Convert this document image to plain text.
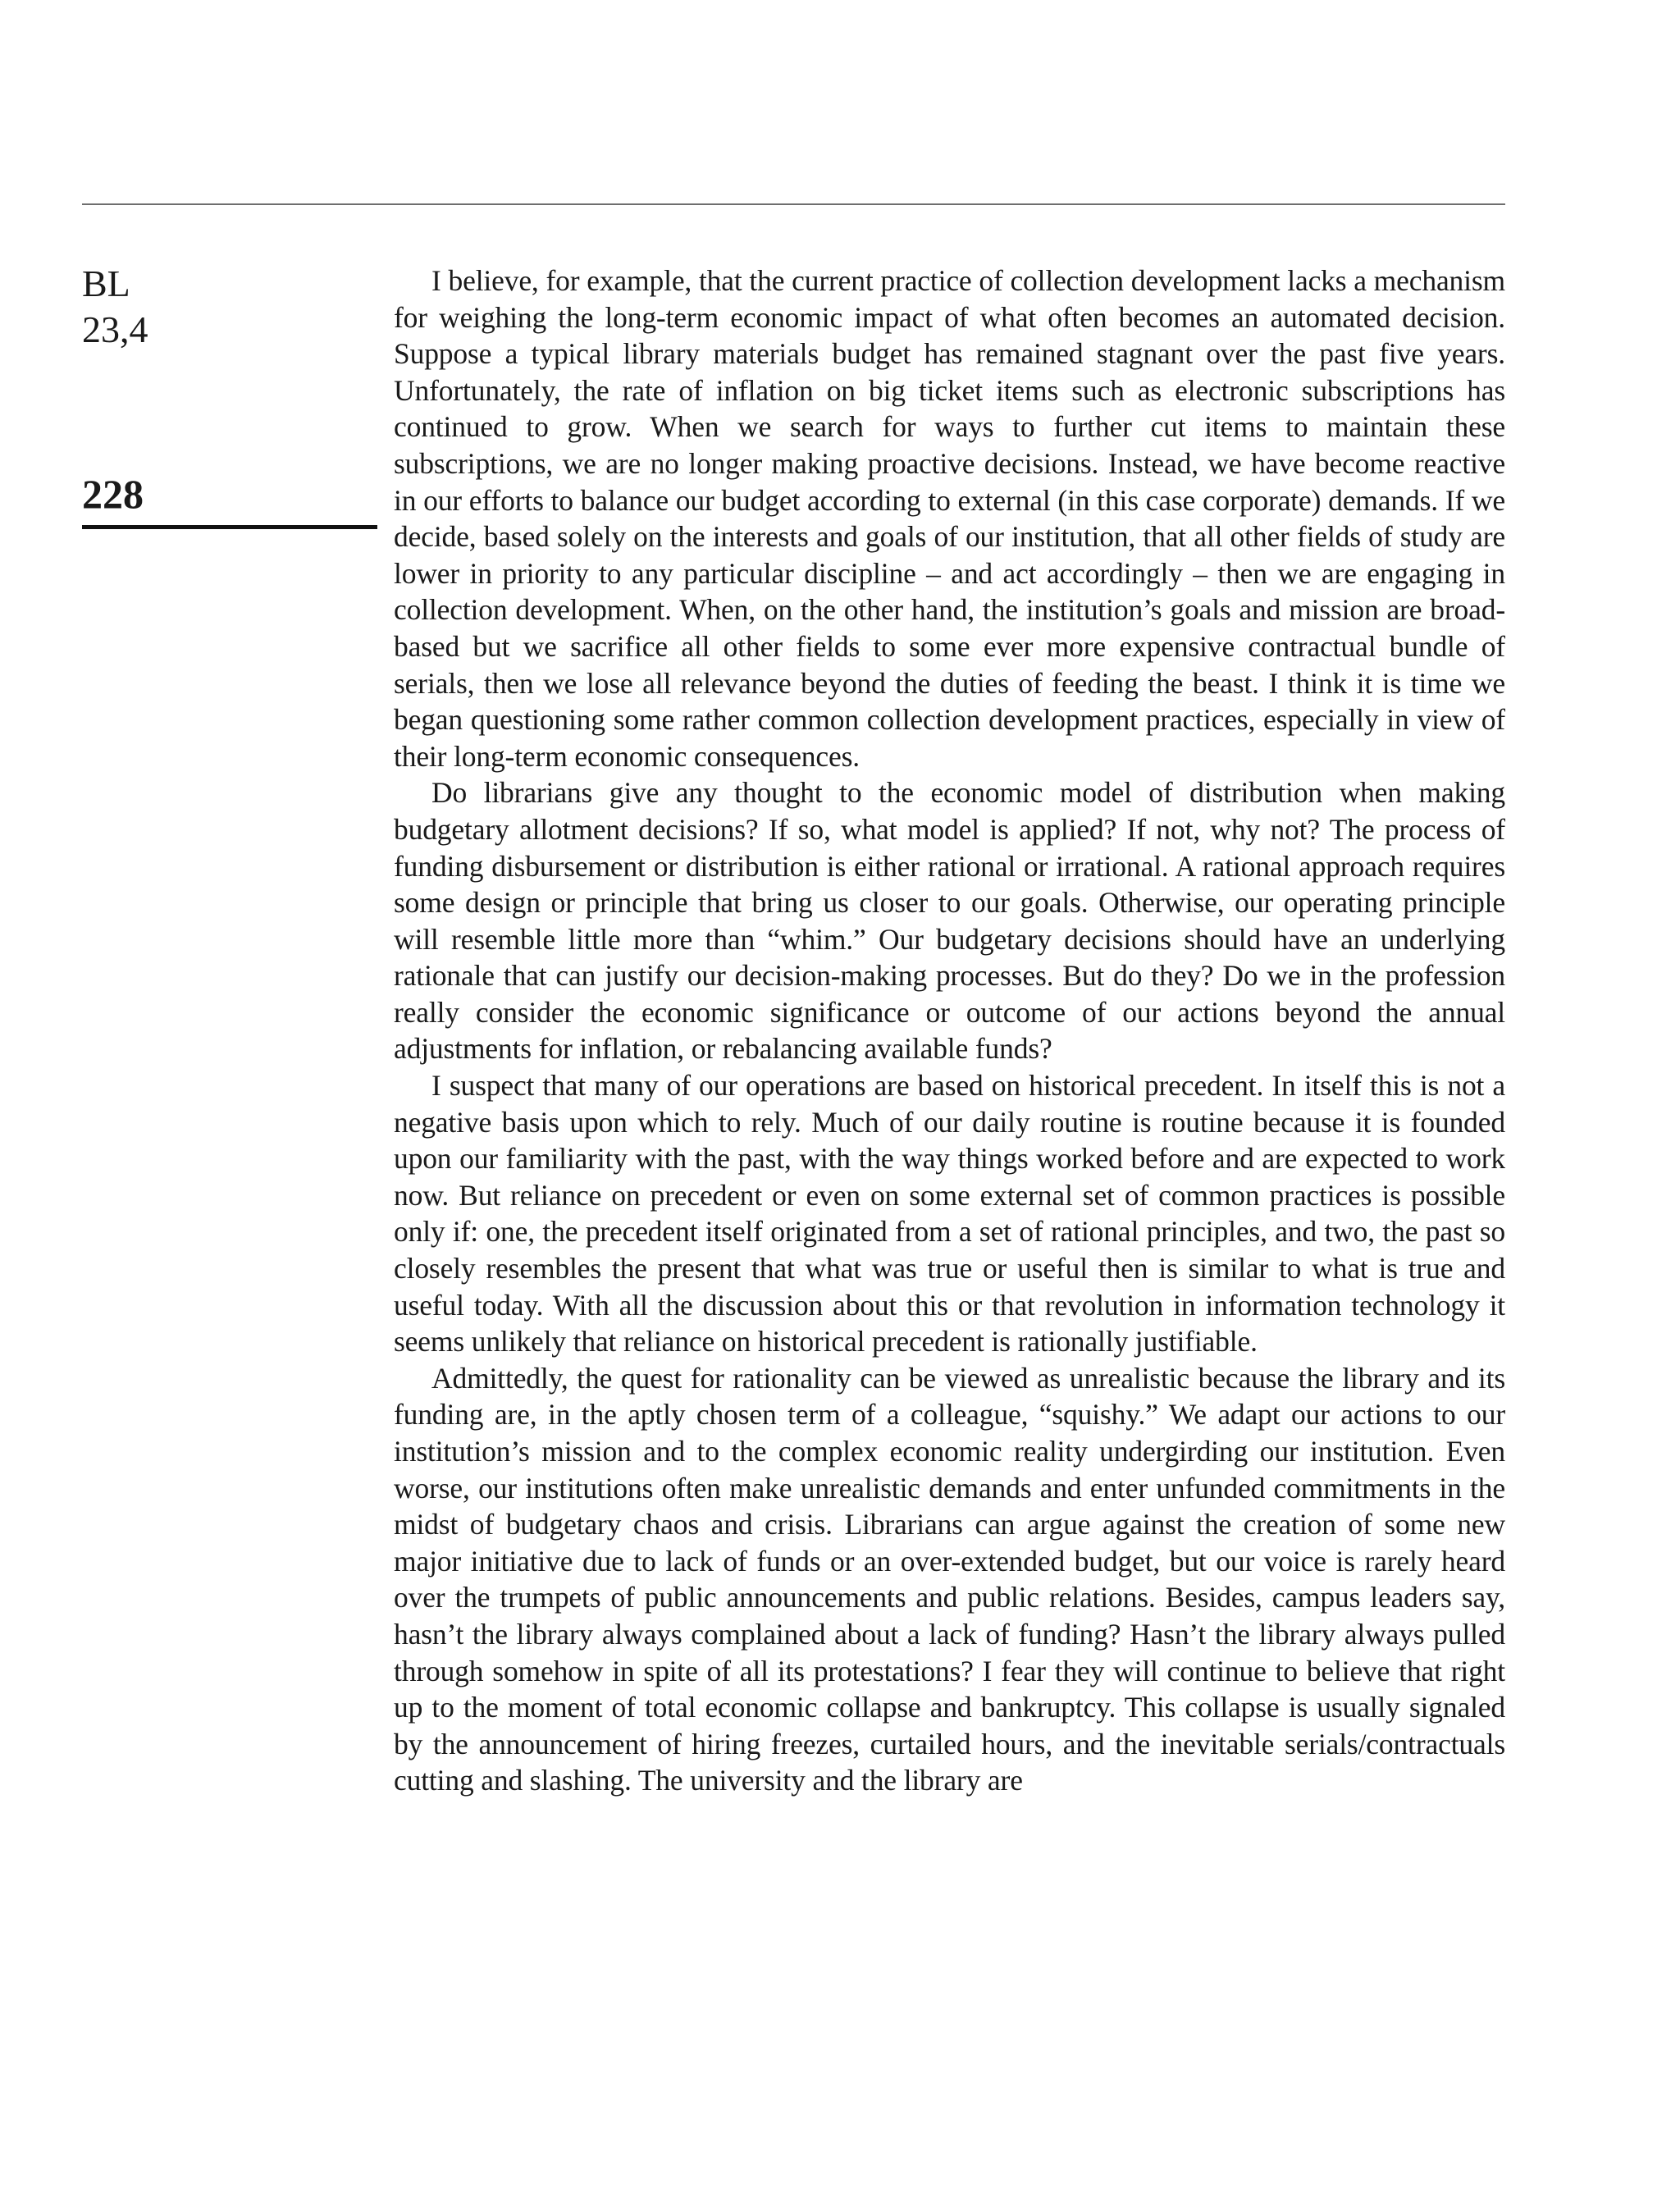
BL

23,4

228

I believe, for example, that the current practice of collection development lacks a mechanism for weighing the long-term economic impact of what often becomes an automated decision. Suppose a typical library materials budget has remained stagnant over the past five years. Unfortunately, the rate of inflation on big ticket items such as electronic subscriptions has continued to grow. When we search for ways to further cut items to maintain these subscriptions, we are no longer making proactive decisions. Instead, we have become reactive in our efforts to balance our budget according to external (in this case corporate) demands. If we decide, based solely on the interests and goals of our institution, that all other fields of study are lower in priority to any particular discipline – and act accordingly – then we are engaging in collection development. When, on the other hand, the institution’s goals and mission are broad-based but we sacrifice all other fields to some ever more expensive contractual bundle of serials, then we lose all relevance beyond the duties of feeding the beast. I think it is time we began questioning some rather common collection development practices, especially in view of their long-term economic consequences.

Do librarians give any thought to the economic model of distribution when making budgetary allotment decisions? If so, what model is applied? If not, why not? The process of funding disbursement or distribution is either rational or irrational. A rational approach requires some design or principle that bring us closer to our goals. Otherwise, our operating principle will resemble little more than “whim.” Our budgetary decisions should have an underlying rationale that can justify our decision-making processes. But do they? Do we in the profession really consider the economic significance or outcome of our actions beyond the annual adjustments for inflation, or rebalancing available funds?

I suspect that many of our operations are based on historical precedent. In itself this is not a negative basis upon which to rely. Much of our daily routine is routine because it is founded upon our familiarity with the past, with the way things worked before and are expected to work now. But reliance on precedent or even on some external set of common practices is possible only if: one, the precedent itself originated from a set of rational principles, and two, the past so closely resembles the present that what was true or useful then is similar to what is true and useful today. With all the discussion about this or that revolution in information technology it seems unlikely that reliance on historical precedent is rationally justifiable.

Admittedly, the quest for rationality can be viewed as unrealistic because the library and its funding are, in the aptly chosen term of a colleague, “squishy.” We adapt our actions to our institution’s mission and to the complex economic reality undergirding our institution. Even worse, our institutions often make unrealistic demands and enter unfunded commitments in the midst of budgetary chaos and crisis. Librarians can argue against the creation of some new major initiative due to lack of funds or an over-extended budget, but our voice is rarely heard over the trumpets of public announcements and public relations. Besides, campus leaders say, hasn’t the library always complained about a lack of funding? Hasn’t the library always pulled through somehow in spite of all its protestations? I fear they will continue to believe that right up to the moment of total economic collapse and bankruptcy. This collapse is usually signaled by the announcement of hiring freezes, curtailed hours, and the inevitable serials/contractuals cutting and slashing. The university and the library are
